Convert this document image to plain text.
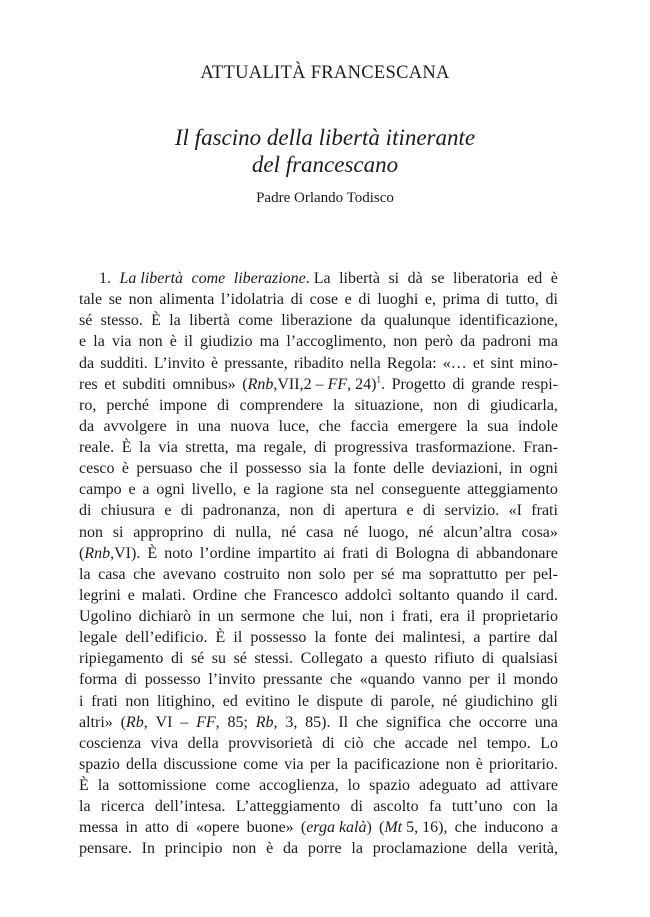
ATTUALITÀ FRANCESCANA
Il fascino della libertà itinerante
del francescano
Padre Orlando Todisco
1. La libertà come liberazione. La libertà si dà se liberatoria ed è
tale se non alimenta l’idolatria di cose e di luoghi e, prima di tutto, di
sé stesso. È la libertà come liberazione da qualunque identificazione,
e la via non è il giudizio ma l’accoglimento, non però da padroni ma
da sudditi. L’invito è pressante, ribadito nella Regola: «… et sint mino-
res et subditi omnibus» (Rnb,VII,2 – FF, 24)$^1$. Progetto di grande respi-
ro, perché impone di comprendere la situazione, non di giudicarla,
da avvolgere in una nuova luce, che faccia emergere la sua indole
reale. È la via stretta, ma regale, di progressiva trasformazione. Fran-
cesco è persuaso che il possesso sia la fonte delle deviazioni, in ogni
campo e a ogni livello, e la ragione sta nel conseguente atteggiamento
di chiusura e di padronanza, non di apertura e di servizio. «I frati
non si approprino di nulla, né casa né luogo, né alcun’altra cosa»
(Rnb,VI). È noto l’ordine impartito ai frati di Bologna di abbandonare
la casa che avevano costruito non solo per sé ma soprattutto per pel-
legrini e malati. Ordine che Francesco addolcì soltanto quando il card.
Ugolino dichiarò in un sermone che lui, non i frati, era il proprietario
legale dell’edificio. È il possesso la fonte dei malintesi, a partire dal
ripiegamento di sé su sé stessi. Collegato a questo rifiuto di qualsiasi
forma di possesso l’invito pressante che «quando vanno per il mondo
i frati non litighino, ed evitino le dispute di parole, né giudichino gli
altri» (Rb, VI – FF, 85; Rb, 3, 85). Il che significa che occorre una
coscienza viva della provvisorietà di ciò che accade nel tempo. Lo
spazio della discussione come via per la pacificazione non è prioritario.
È la sottomissione come accoglienza, lo spazio adeguato ad attivare
la ricerca dell’intesa. L’atteggiamento di ascolto fa tutt’uno con la
messa in atto di «opere buone» (erga kalà) (Mt 5, 16), che inducono a
pensare. In principio non è da porre la proclamazione della verità,
